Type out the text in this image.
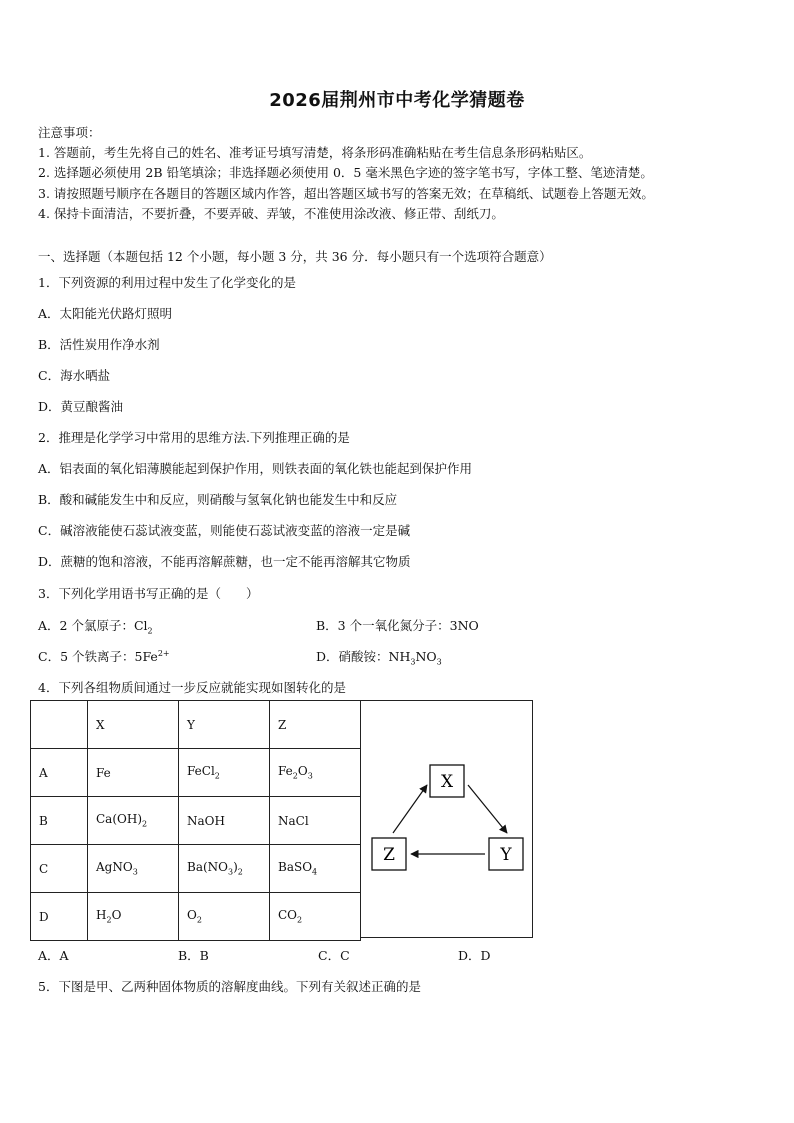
2026届荆州市中考化学猜题卷
注意事项：
1. 答题前，考生先将自己的姓名、准考证号填写清楚，将条形码准确粘贴在考生信息条形码粘贴区。
2. 选择题必须使用 2B 铅笔填涂；非选择题必须使用 0．5 毫米黑色字迹的签字笔书写，字体工整、笔迹清楚。
3. 请按照题号顺序在各题目的答题区域内作答，超出答题区域书写的答案无效；在草稿纸、试题卷上答题无效。
4. 保持卡面清洁，不要折叠，不要弄破、弄皱，不准使用涂改液、修正带、刮纸刀。
一、选择题（本题包括 12 个小题，每小题 3 分，共 36 分．每小题只有一个选项符合题意）
1．下列资源的利用过程中发生了化学变化的是
A．太阳能光伏路灯照明
B．活性炭用作净水剂
C．海水晒盐
D．黄豆酿酱油
2．推理是化学学习中常用的思维方法.下列推理正确的是
A．铝表面的氧化铝薄膜能起到保护作用，则铁表面的氧化铁也能起到保护作用
B．酸和碱能发生中和反应，则硝酸与氢氧化钠也能发生中和反应
C．碱溶液能使石蕊试液变蓝，则能使石蕊试液变蓝的溶液一定是碱
D．蔗糖的饱和溶液，不能再溶解蔗糖，也一定不能再溶解其它物质
3．下列化学用语书写正确的是（　　）
A．2 个氯原子：$Cl_2$	B．3 个一氧化氮分子：3NO
C．5 个铁离子：$5Fe^{2+}$	D．硝酸铵：$NH_3NO_3$
4．下列各组物质间通过一步反应就能实现如图转化的是
	X	Y	Z
A	Fe	FeCl$_2$	$Fe_2O_3$
B	$Ca(OH)_2$	NaOH	NaCl
C	AgNO$_3$	$Ba(NO_3)_2$	BaSO$_4$
D	$H_2O$	$O_2$	$CO_2$
X
Y
Z
A．A	B．B	C．C	D．D
5．下图是甲、乙两种固体物质的溶解度曲线。下列有关叙述正确的是
